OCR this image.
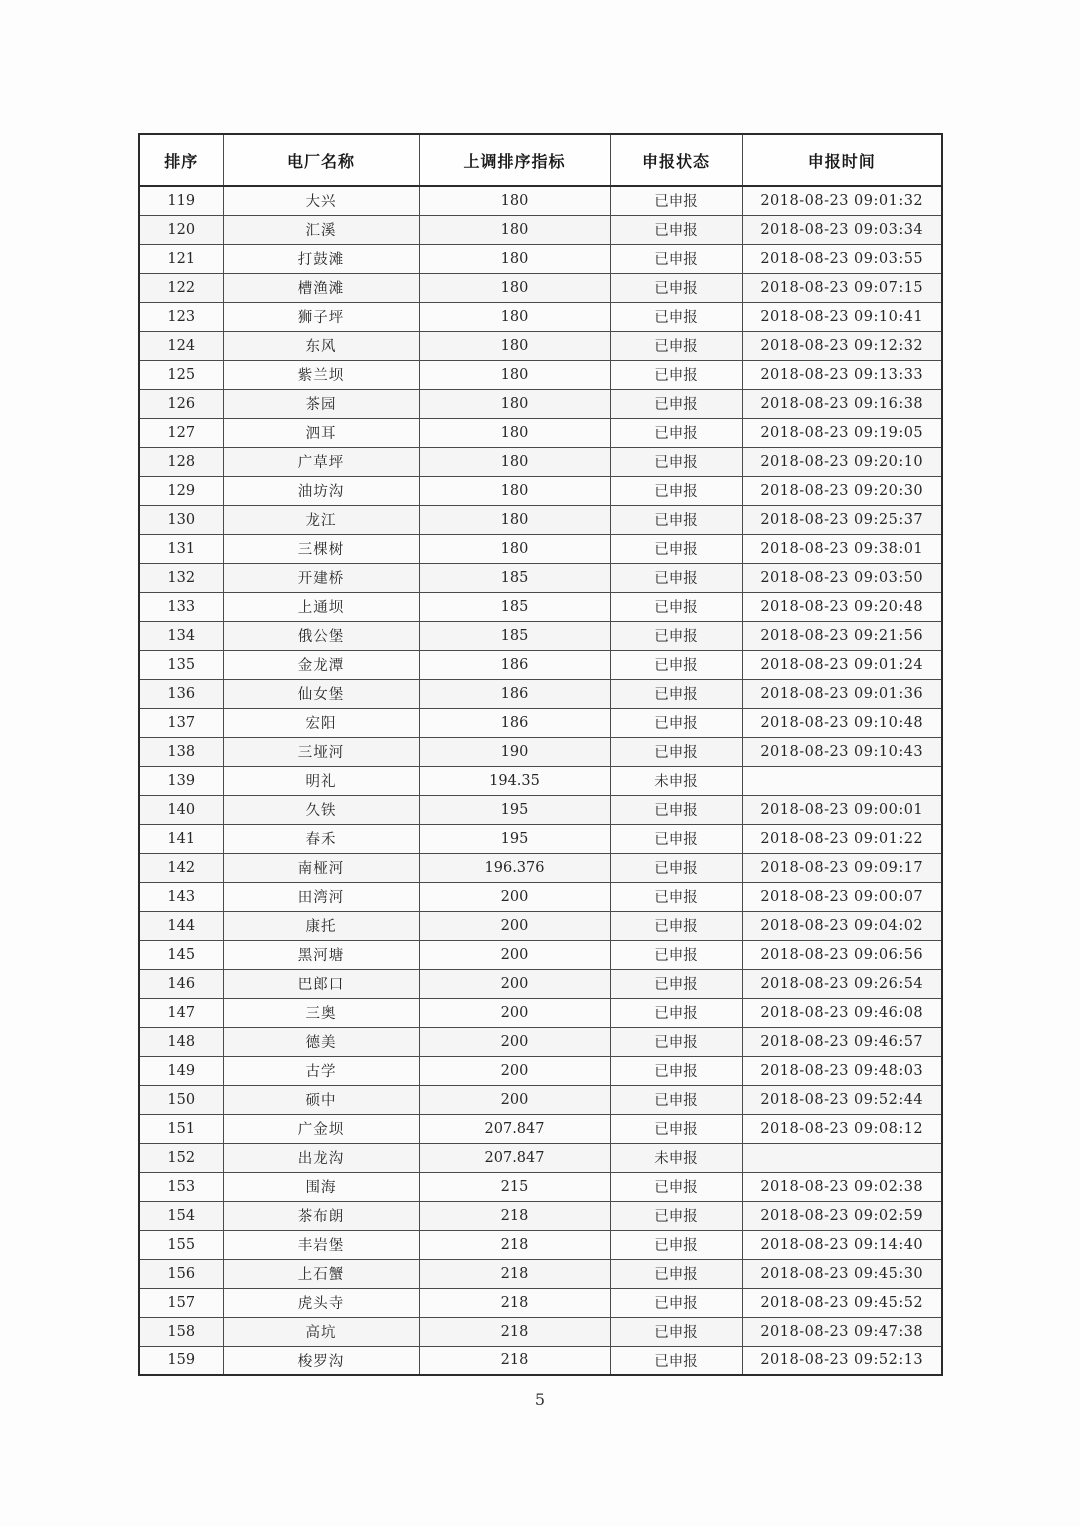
排序	电厂名称	上调排序指标	申报状态	申报时间
119	大兴	180	已申报	2018-08-23 09:01:32
120	汇溪	180	已申报	2018-08-23 09:03:34
121	打鼓滩	180	已申报	2018-08-23 09:03:55
122	槽渔滩	180	已申报	2018-08-23 09:07:15
123	狮子坪	180	已申报	2018-08-23 09:10:41
124	东风	180	已申报	2018-08-23 09:12:32
125	紫兰坝	180	已申报	2018-08-23 09:13:33
126	茶园	180	已申报	2018-08-23 09:16:38
127	泗耳	180	已申报	2018-08-23 09:19:05
128	广草坪	180	已申报	2018-08-23 09:20:10
129	油坊沟	180	已申报	2018-08-23 09:20:30
130	龙江	180	已申报	2018-08-23 09:25:37
131	三棵树	180	已申报	2018-08-23 09:38:01
132	开建桥	185	已申报	2018-08-23 09:03:50
133	上通坝	185	已申报	2018-08-23 09:20:48
134	俄公堡	185	已申报	2018-08-23 09:21:56
135	金龙潭	186	已申报	2018-08-23 09:01:24
136	仙女堡	186	已申报	2018-08-23 09:01:36
137	宏阳	186	已申报	2018-08-23 09:10:48
138	三垭河	190	已申报	2018-08-23 09:10:43
139	明礼	194.35	未申报	
140	久铁	195	已申报	2018-08-23 09:00:01
141	春禾	195	已申报	2018-08-23 09:01:22
142	南桠河	196.376	已申报	2018-08-23 09:09:17
143	田湾河	200	已申报	2018-08-23 09:00:07
144	康托	200	已申报	2018-08-23 09:04:02
145	黑河塘	200	已申报	2018-08-23 09:06:56
146	巴郎口	200	已申报	2018-08-23 09:26:54
147	三奥	200	已申报	2018-08-23 09:46:08
148	德美	200	已申报	2018-08-23 09:46:57
149	古学	200	已申报	2018-08-23 09:48:03
150	硕中	200	已申报	2018-08-23 09:52:44
151	广金坝	207.847	已申报	2018-08-23 09:08:12
152	出龙沟	207.847	未申报	
153	围海	215	已申报	2018-08-23 09:02:38
154	茶布朗	218	已申报	2018-08-23 09:02:59
155	丰岩堡	218	已申报	2018-08-23 09:14:40
156	上石蟹	218	已申报	2018-08-23 09:45:30
157	虎头寺	218	已申报	2018-08-23 09:45:52
158	高坑	218	已申报	2018-08-23 09:47:38
159	梭罗沟	218	已申报	2018-08-23 09:52:13
5
